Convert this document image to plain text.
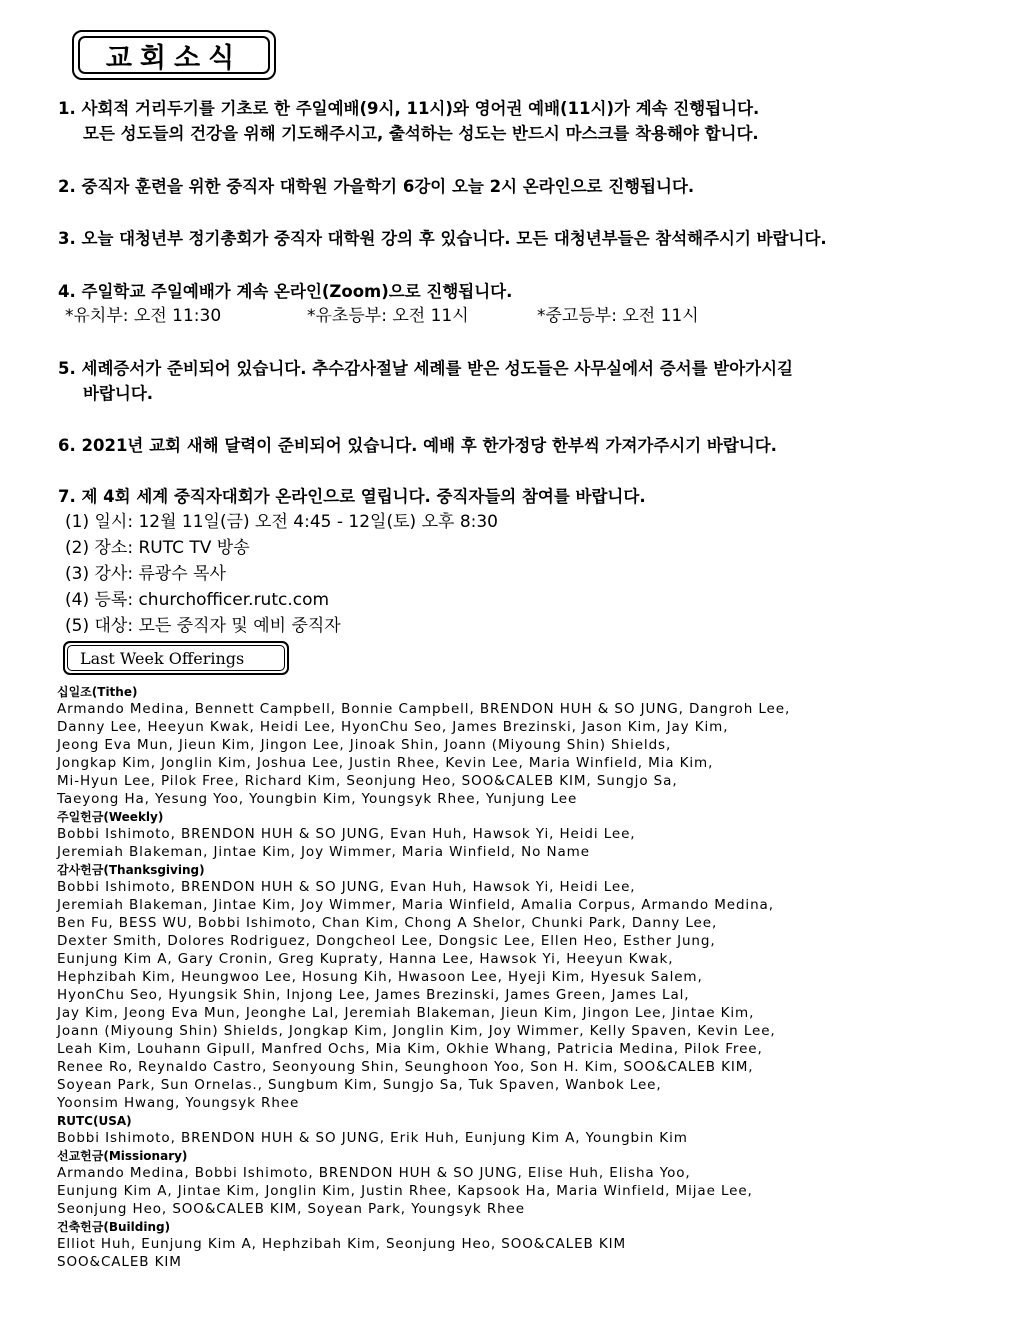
교회소식
1. 사회적 거리두기를 기초로 한 주일예배(9시, 11시)와 영어권 예배(11시)가 계속 진행됩니다.
모든 성도들의 건강을 위해 기도해주시고, 출석하는 성도는 반드시 마스크를 착용해야 합니다.
2. 중직자 훈련을 위한 중직자 대학원 가을학기 6강이 오늘 2시 온라인으로 진행됩니다.
3. 오늘 대청년부 정기총회가 중직자 대학원 강의 후 있습니다. 모든 대청년부들은 참석해주시기 바랍니다.
4. 주일학교 주일예배가 계속 온라인(Zoom)으로 진행됩니다.
*유치부: 오전 11:30	*유초등부: 오전 11시	*중고등부: 오전 11시
5. 세례증서가 준비되어 있습니다. 추수감사절날 세례를 받은 성도들은 사무실에서 증서를 받아가시길
바랍니다.
6. 2021년 교회 새해 달력이 준비되어 있습니다. 예배 후 한가정당 한부씩 가져가주시기 바랍니다.
7. 제 4회 세계 중직자대회가 온라인으로 열립니다. 중직자들의 참여를 바랍니다.
(1) 일시: 12월 11일(금) 오전 4:45 - 12일(토) 오후 8:30
(2) 장소: RUTC TV 방송
(3) 강사: 류광수 목사
(4) 등록: churchofficer.rutc.com
(5) 대상: 모든 중직자 및 예비 중직자
Last Week Offerings
십일조(Tithe)
Armando Medina, Bennett Campbell, Bonnie Campbell, BRENDON HUH & SO JUNG, Dangroh Lee,
Danny Lee, Heeyun Kwak, Heidi Lee, HyonChu Seo, James Brezinski, Jason Kim, Jay Kim,
Jeong Eva Mun, Jieun Kim, Jingon Lee, Jinoak Shin, Joann (Miyoung Shin) Shields,
Jongkap Kim, Jonglin Kim, Joshua Lee, Justin Rhee, Kevin Lee, Maria Winfield, Mia Kim,
Mi-Hyun Lee, Pilok Free, Richard Kim, Seonjung Heo, SOO&CALEB KIM, Sungjo Sa,
Taeyong Ha, Yesung Yoo, Youngbin Kim, Youngsyk Rhee, Yunjung Lee
주일헌금(Weekly)
Bobbi Ishimoto, BRENDON HUH & SO JUNG, Evan Huh, Hawsok Yi, Heidi Lee,
Jeremiah Blakeman, Jintae Kim, Joy Wimmer, Maria Winfield, No Name
감사헌금(Thanksgiving)
Bobbi Ishimoto, BRENDON HUH & SO JUNG, Evan Huh, Hawsok Yi, Heidi Lee,
Jeremiah Blakeman, Jintae Kim, Joy Wimmer, Maria Winfield, Amalia Corpus, Armando Medina,
Ben Fu, BESS WU, Bobbi Ishimoto, Chan Kim, Chong A Shelor, Chunki Park, Danny Lee,
Dexter Smith, Dolores Rodriguez, Dongcheol Lee, Dongsic Lee, Ellen Heo, Esther Jung,
Eunjung Kim A, Gary Cronin, Greg Kupraty, Hanna Lee, Hawsok Yi, Heeyun Kwak,
Hephzibah Kim, Heungwoo Lee, Hosung Kih, Hwasoon Lee, Hyeji Kim, Hyesuk Salem,
HyonChu Seo, Hyungsik Shin, Injong Lee, James Brezinski, James Green, James Lal,
Jay Kim, Jeong Eva Mun, Jeonghe Lal, Jeremiah Blakeman, Jieun Kim, Jingon Lee, Jintae Kim,
Joann (Miyoung Shin) Shields, Jongkap Kim, Jonglin Kim, Joy Wimmer, Kelly Spaven, Kevin Lee,
Leah Kim, Louhann Gipull, Manfred Ochs, Mia Kim, Okhie Whang, Patricia Medina, Pilok Free,
Renee Ro, Reynaldo Castro, Seonyoung Shin, Seunghoon Yoo, Son H. Kim, SOO&CALEB KIM,
Soyean Park, Sun Ornelas., Sungbum Kim, Sungjo Sa, Tuk Spaven, Wanbok Lee,
Yoonsim Hwang, Youngsyk Rhee
RUTC(USA)
Bobbi Ishimoto, BRENDON HUH & SO JUNG, Erik Huh, Eunjung Kim A, Youngbin Kim
선교헌금(Missionary)
Armando Medina, Bobbi Ishimoto, BRENDON HUH & SO JUNG, Elise Huh, Elisha Yoo,
Eunjung Kim A, Jintae Kim, Jonglin Kim, Justin Rhee, Kapsook Ha, Maria Winfield, Mijae Lee,
Seonjung Heo, SOO&CALEB KIM, Soyean Park, Youngsyk Rhee
건축헌금(Building)
Elliot Huh, Eunjung Kim A, Hephzibah Kim, Seonjung Heo, SOO&CALEB KIM
SOO&CALEB KIM
